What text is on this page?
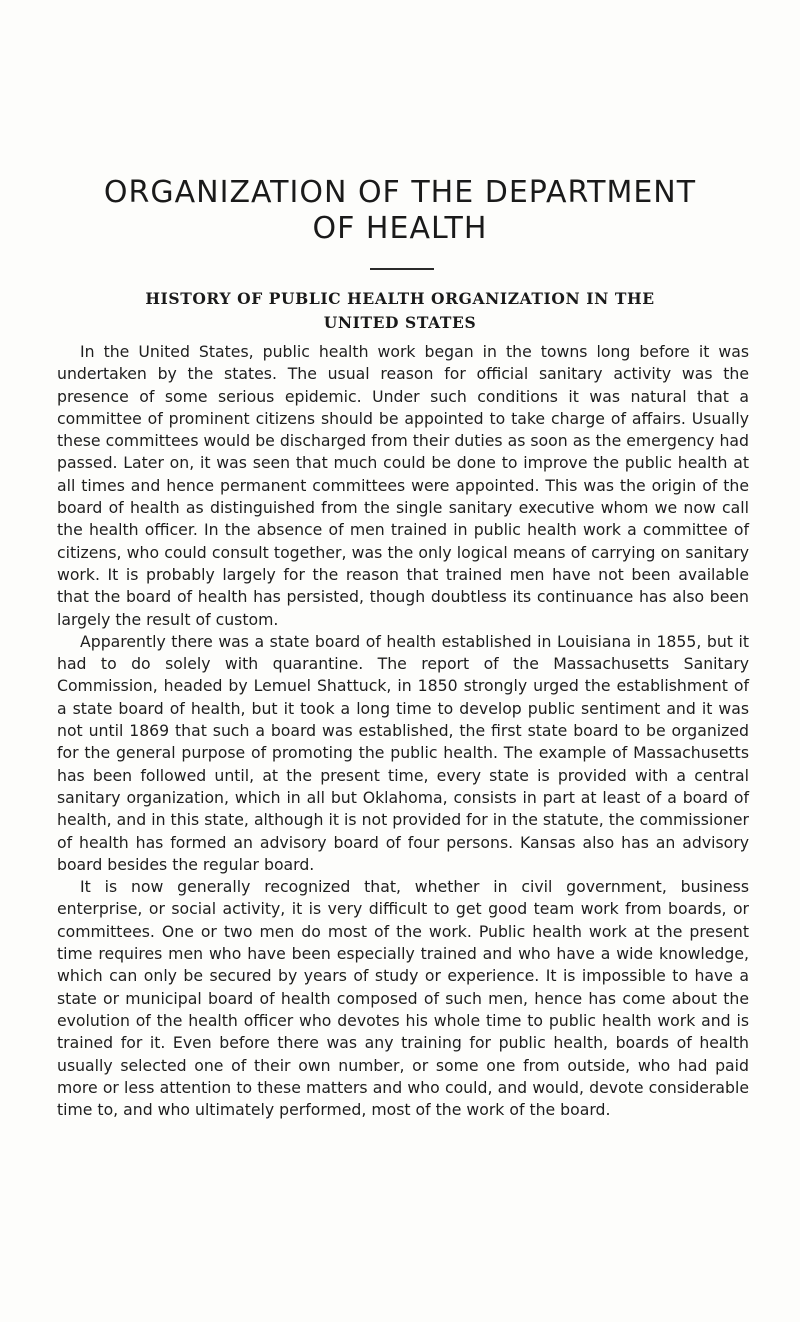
ORGANIZATION OF THE DEPARTMENT
OF HEALTH
HISTORY OF PUBLIC HEALTH ORGANIZATION IN THE
UNITED STATES

In the United States, public health work began in the towns long before it was undertaken by the states. The usual reason for official sanitary activity was the presence of some serious epidemic. Under such conditions it was natural that a committee of prominent citizens should be appointed to take charge of affairs. Usually these committees would be discharged from their duties as soon as the emergency had passed. Later on, it was seen that much could be done to improve the public health at all times and hence permanent committees were appointed. This was the origin of the board of health as distinguished from the single sanitary executive whom we now call the health officer. In the absence of men trained in public health work a committee of citizens, who could consult together, was the only logical means of carrying on sanitary work. It is probably largely for the reason that trained men have not been available that the board of health has persisted, though doubtless its continuance has also been largely the result of custom.

Apparently there was a state board of health established in Louisiana in 1855, but it had to do solely with quarantine. The report of the Massachusetts Sanitary Commission, headed by Lemuel Shattuck, in 1850 strongly urged the establishment of a state board of health, but it took a long time to develop public sentiment and it was not until 1869 that such a board was established, the first state board to be organized for the general purpose of promoting the public health. The example of Massachusetts has been followed until, at the present time, every state is provided with a central sanitary organization, which in all but Oklahoma, consists in part at least of a board of health, and in this state, although it is not provided for in the statute, the commissioner of health has formed an advisory board of four persons. Kansas also has an advisory board besides the regular board.

It is now generally recognized that, whether in civil government, business enterprise, or social activity, it is very difficult to get good team work from boards, or committees. One or two men do most of the work. Public health work at the present time requires men who have been especially trained and who have a wide knowledge, which can only be secured by years of study or experience. It is impossible to have a state or municipal board of health composed of such men, hence has come about the evolution of the health officer who devotes his whole time to public health work and is trained for it. Even before there was any training for public health, boards of health usually selected one of their own number, or some one from outside, who had paid more or less attention to these matters and who could, and would, devote considerable time to, and who ultimately performed, most of the work of the board.
